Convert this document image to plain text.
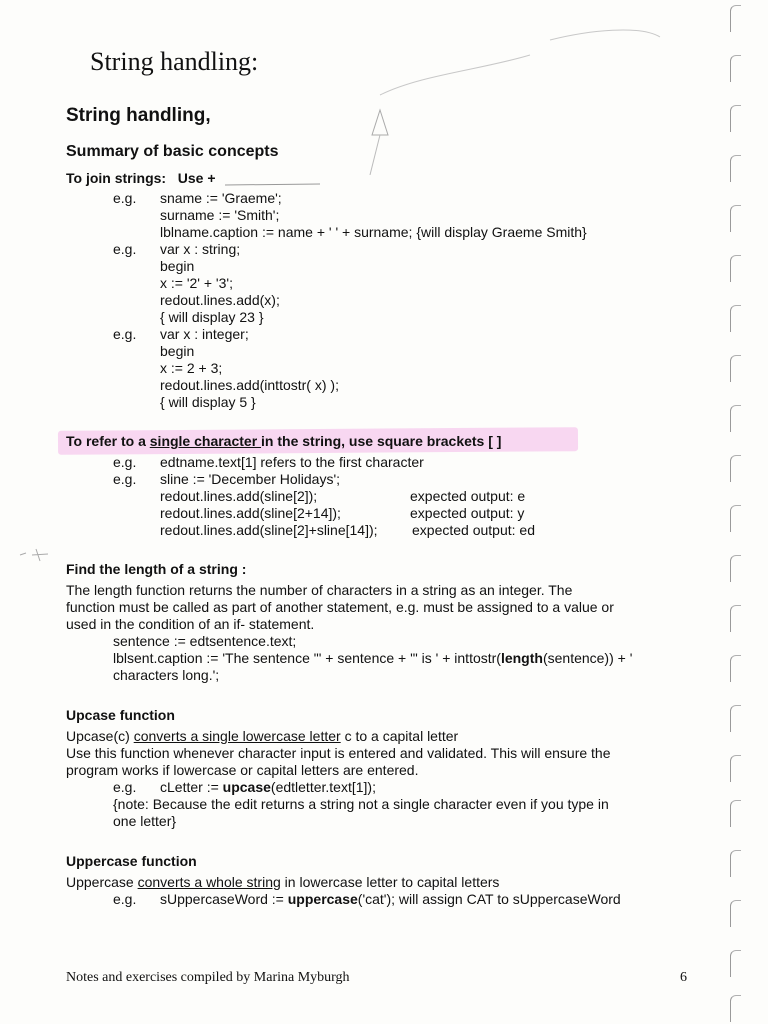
String handling:
String handling,
Summary of basic concepts
To join strings: Use +
e.g. sname := 'Graeme';
surname := 'Smith';
lblname.caption := name + ' ' + surname; {will display Graeme Smith}
e.g. var x : string;
begin
x := '2' + '3';
redout.lines.add(x);
{ will display 23 }
e.g. var x : integer;
begin
x := 2 + 3;
redout.lines.add(inttostr( x) );
{ will display 5 }
To refer to a single character in the string, use square brackets [ ]
e.g. edtname.text[1] refers to the first character
e.g. sline := 'December Holidays';
redout.lines.add(sline[2]);	expected output: e
redout.lines.add(sline[2+14]);	expected output: y
redout.lines.add(sline[2]+sline[14]); expected output: ed
Find the length of a string :
The length function returns the number of characters in a string as an integer. The
function must be called as part of another statement, e.g. must be assigned to a value or
used in the condition of an if- statement.
sentence := edtsentence.text;
lblsent.caption := 'The sentence "' + sentence + '" is ' + inttostr(length(sentence)) + '
characters long.';
Upcase function
Upcase(c) converts a single lowercase letter c to a capital letter
Use this function whenever character input is entered and validated. This will ensure the
program works if lowercase or capital letters are entered.
e.g. cLetter := upcase(edtletter.text[1]);
{note: Because the edit returns a string not a single character even if you type in
one letter}
Uppercase function
Uppercase converts a whole string in lowercase letter to capital letters
e.g. sUppercaseWord := uppercase('cat'); will assign CAT to sUppercaseWord
Notes and exercises compiled by Marina Myburgh	6
